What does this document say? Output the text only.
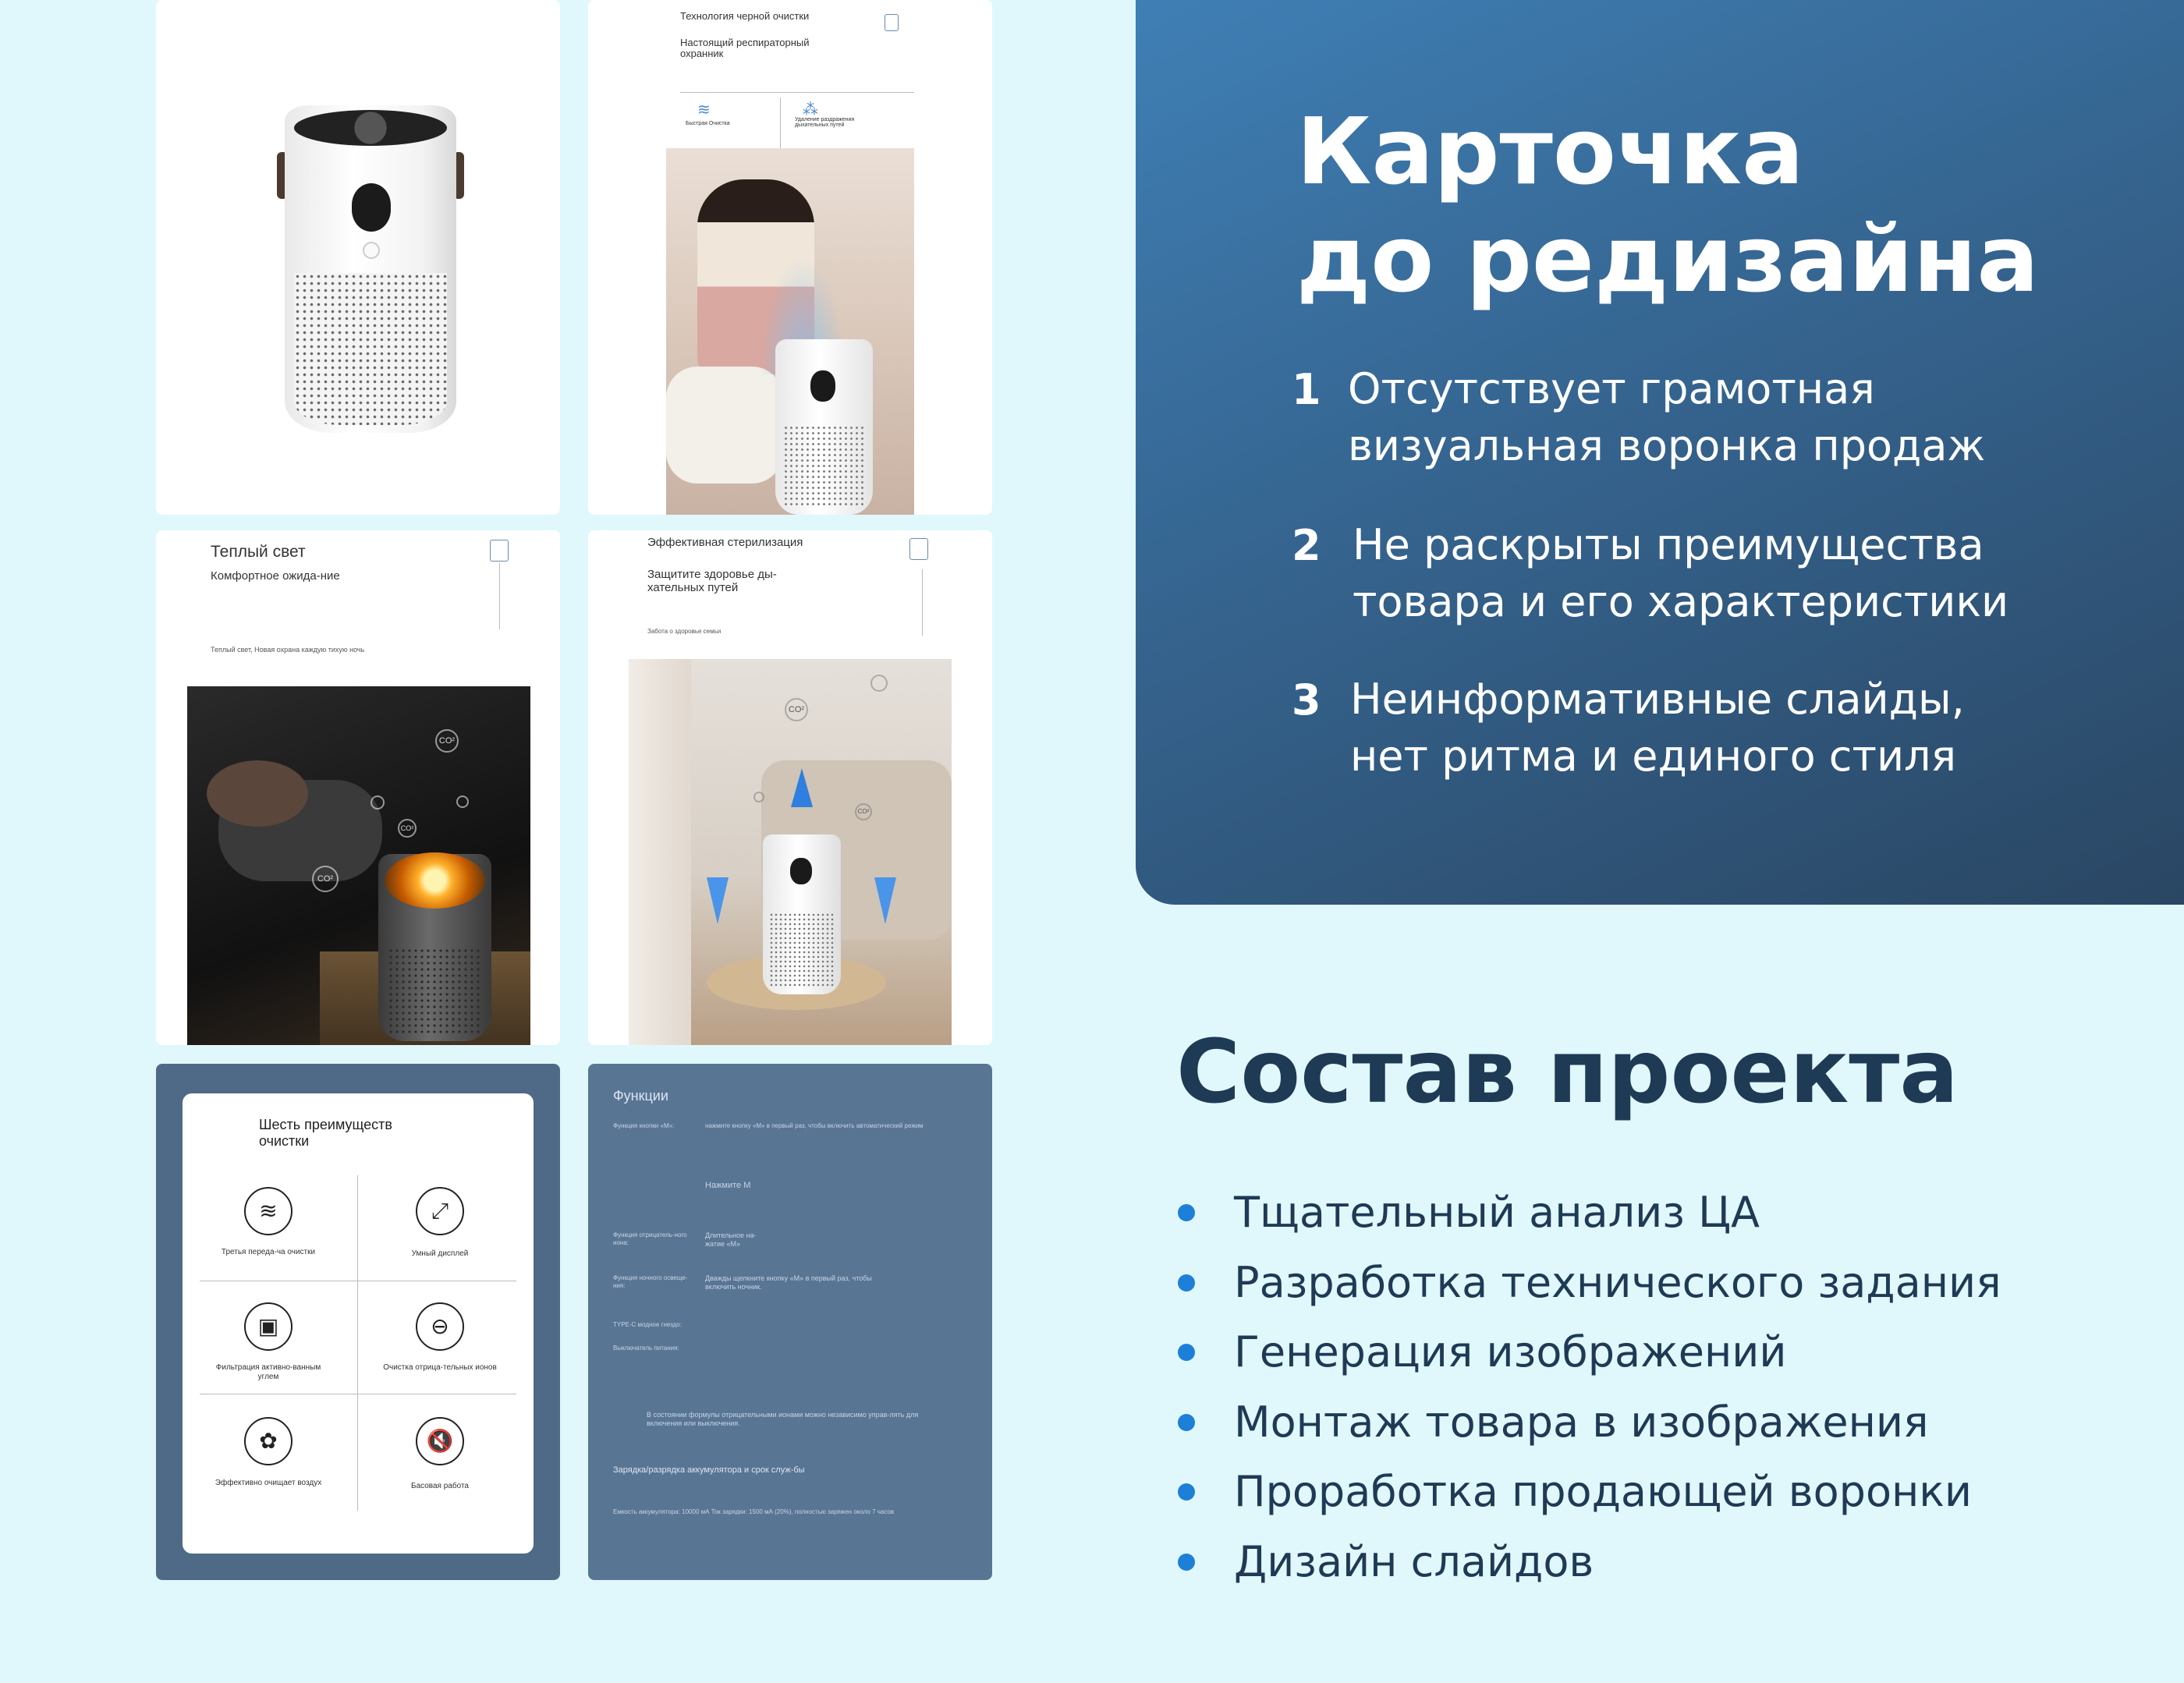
Технология черной очистки
Настоящий респираторный охранник
≋	⁂
Быстрая Очистка
Удаление раздражения дыхательных путей
Теплый свет
Комфортное ожида-ние
Теплый свет, Новая охрана каждую тихую ночь
CO²
CO²
CO²
Эффективная стерилизация
Защитите здоровье ды-хательных путей
Забота о здоровье семьи
CO²
CO²
Шесть преимуществ очистки
≋
Третья переда-ча очистки
⤢
Умный дисплей
▣
Фильтрация активно-ванным углем
⊖
Очистка отрица-тельных ионов
✿
Эффективно очищает воздух
🔇
Басовая работа
Функции
Функция кнопки «M»:	нажмите кнопку «M» в первый раз, чтобы включить автоматический режим
Нажмите M
Функция отрицатель-ного иона:
Длительное на-жатие «M»
Функция ночного освеще-ния:
Дважды щелкните кнопку «M» в первый раз, чтобы включить ночник.
TYPE-C модное гнездо:
Выключатель питания:
В состоянии формулы отрицательными ионами можно независимо управ-лять для включения или выключения.
Зарядка/разрядка аккумулятора и срок служ-бы
Емкость аккумулятора: 10000 мА Ток зарядки: 1500 мА (20%), полностью заряжен около 7 часов
Карточка
до редизайна
1 Отсутствует грамотная
визуальная воронка продаж
2 Не раскрыты преимущества
товара и его характеристики
3 Неинформативные слайды,
нет ритма и единого стиля
Состав проекта
Тщательный анализ ЦА
Разработка технического задания
Генерация изображений
Монтаж товара в изображения
Проработка продающей воронки
Дизайн слайдов
